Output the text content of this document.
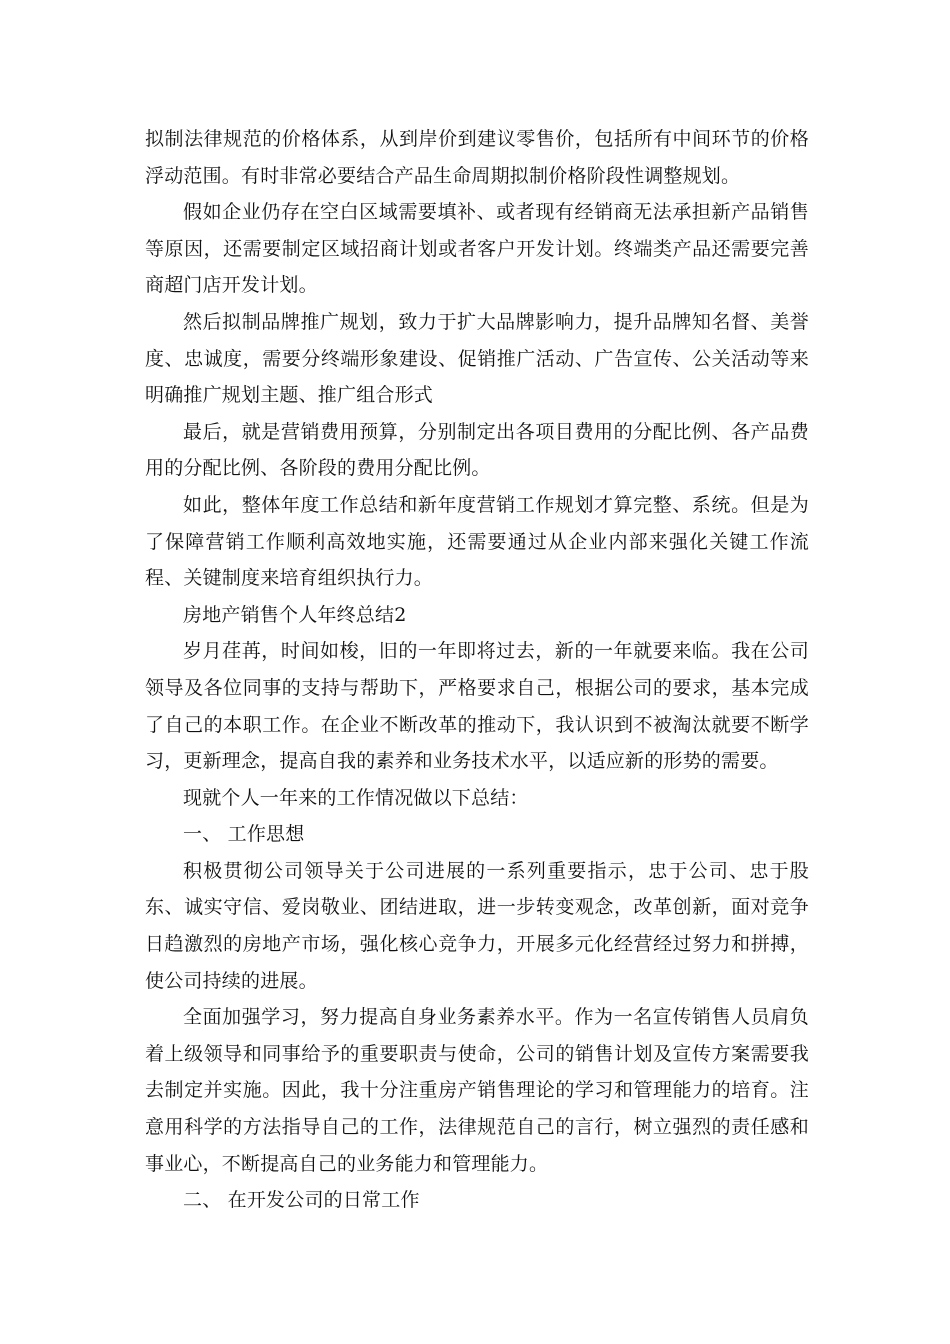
拟制法律规范的价格体系，从到岸价到建议零售价，包括所有中间环节的价格浮动范围。有时非常必要结合产品生命周期拟制价格阶段性调整规划。

假如企业仍存在空白区域需要填补、或者现有经销商无法承担新产品销售等原因，还需要制定区域招商计划或者客户开发计划。终端类产品还需要完善商超门店开发计划。

然后拟制品牌推广规划，致力于扩大品牌影响力，提升品牌知名督、美誉度、忠诚度，需要分终端形象建设、促销推广活动、广告宣传、公关活动等来明确推广规划主题、推广组合形式

最后，就是营销费用预算，分别制定出各项目费用的分配比例、各产品费用的分配比例、各阶段的费用分配比例。

如此，整体年度工作总结和新年度营销工作规划才算完整、系统。但是为了保障营销工作顺利高效地实施，还需要通过从企业内部来强化关键工作流程、关键制度来培育组织执行力。

房地产销售个人年终总结2

岁月荏苒，时间如梭，旧的一年即将过去，新的一年就要来临。我在公司领导及各位同事的支持与帮助下，严格要求自己，根据公司的要求，基本完成了自己的本职工作。在企业不断改革的推动下，我认识到不被淘汰就要不断学习，更新理念，提高自我的素养和业务技术水平，以适应新的形势的需要。

现就个人一年来的工作情况做以下总结：

一、 工作思想

积极贯彻公司领导关于公司进展的一系列重要指示，忠于公司、忠于股东、诚实守信、爱岗敬业、团结进取，进一步转变观念，改革创新，面对竞争日趋激烈的房地产市场，强化核心竞争力，开展多元化经营经过努力和拼搏，使公司持续的进展。

全面加强学习，努力提高自身业务素养水平。作为一名宣传销售人员肩负着上级领导和同事给予的重要职责与使命，公司的销售计划及宣传方案需要我去制定并实施。因此，我十分注重房产销售理论的学习和管理能力的培育。注意用科学的方法指导自己的工作，法律规范自己的言行，树立强烈的责任感和事业心，不断提高自己的业务能力和管理能力。

二、 在开发公司的日常工作
